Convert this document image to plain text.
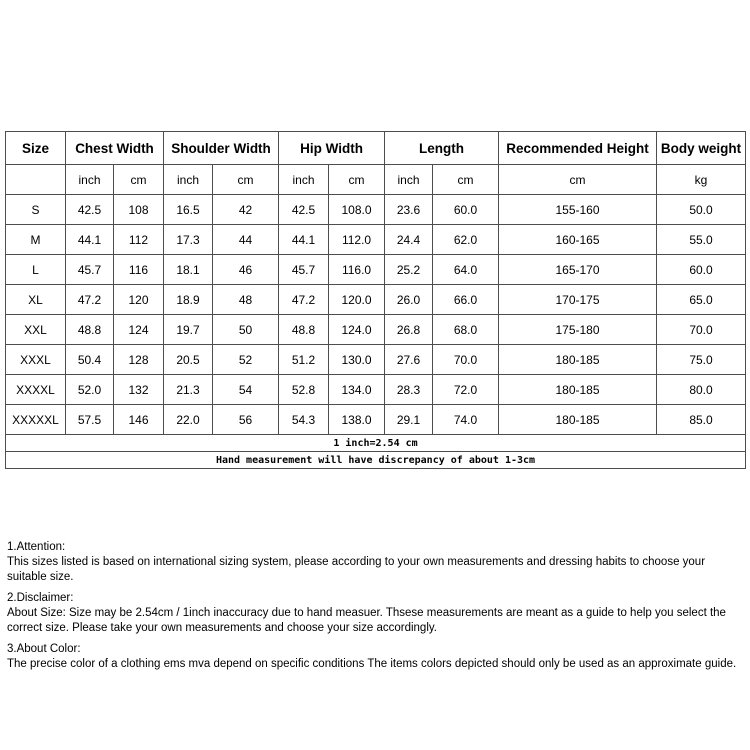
Size	Chest Width		Shoulder Width		Hip Width		Length		Recommended Height	Body weight
	inch	cm	inch	cm	inch	cm	inch	cm	cm	kg
S	42.5	108	16.5	42	42.5	108.0	23.6	60.0	155-160	50.0
M	44.1	112	17.3	44	44.1	112.0	24.4	62.0	160-165	55.0
L	45.7	116	18.1	46	45.7	116.0	25.2	64.0	165-170	60.0
XL	47.2	120	18.9	48	47.2	120.0	26.0	66.0	170-175	65.0
XXL	48.8	124	19.7	50	48.8	124.0	26.8	68.0	175-180	70.0
XXXL	50.4	128	20.5	52	51.2	130.0	27.6	70.0	180-185	75.0
XXXXL	52.0	132	21.3	54	52.8	134.0	28.3	72.0	180-185	80.0
XXXXXL	57.5	146	22.0	56	54.3	138.0	29.1	74.0	180-185	85.0
1 inch=2.54 cm										
Hand measurement will have discrepancy of about 1-3cm										
1.Attention:
This sizes listed is based on international sizing system, please according to your own measurements and dressing habits to choose your suitable size.
2.Disclaimer:
About Size: Size may be 2.54cm / 1inch inaccuracy due to hand measuer. Thsese measurements are meant as a guide to help you select the correct size. Please take your own measurements and choose your size accordingly.
3.About Color:
The precise color of a clothing ems mva depend on specific conditions The items colors depicted should only be used as an approximate guide.
